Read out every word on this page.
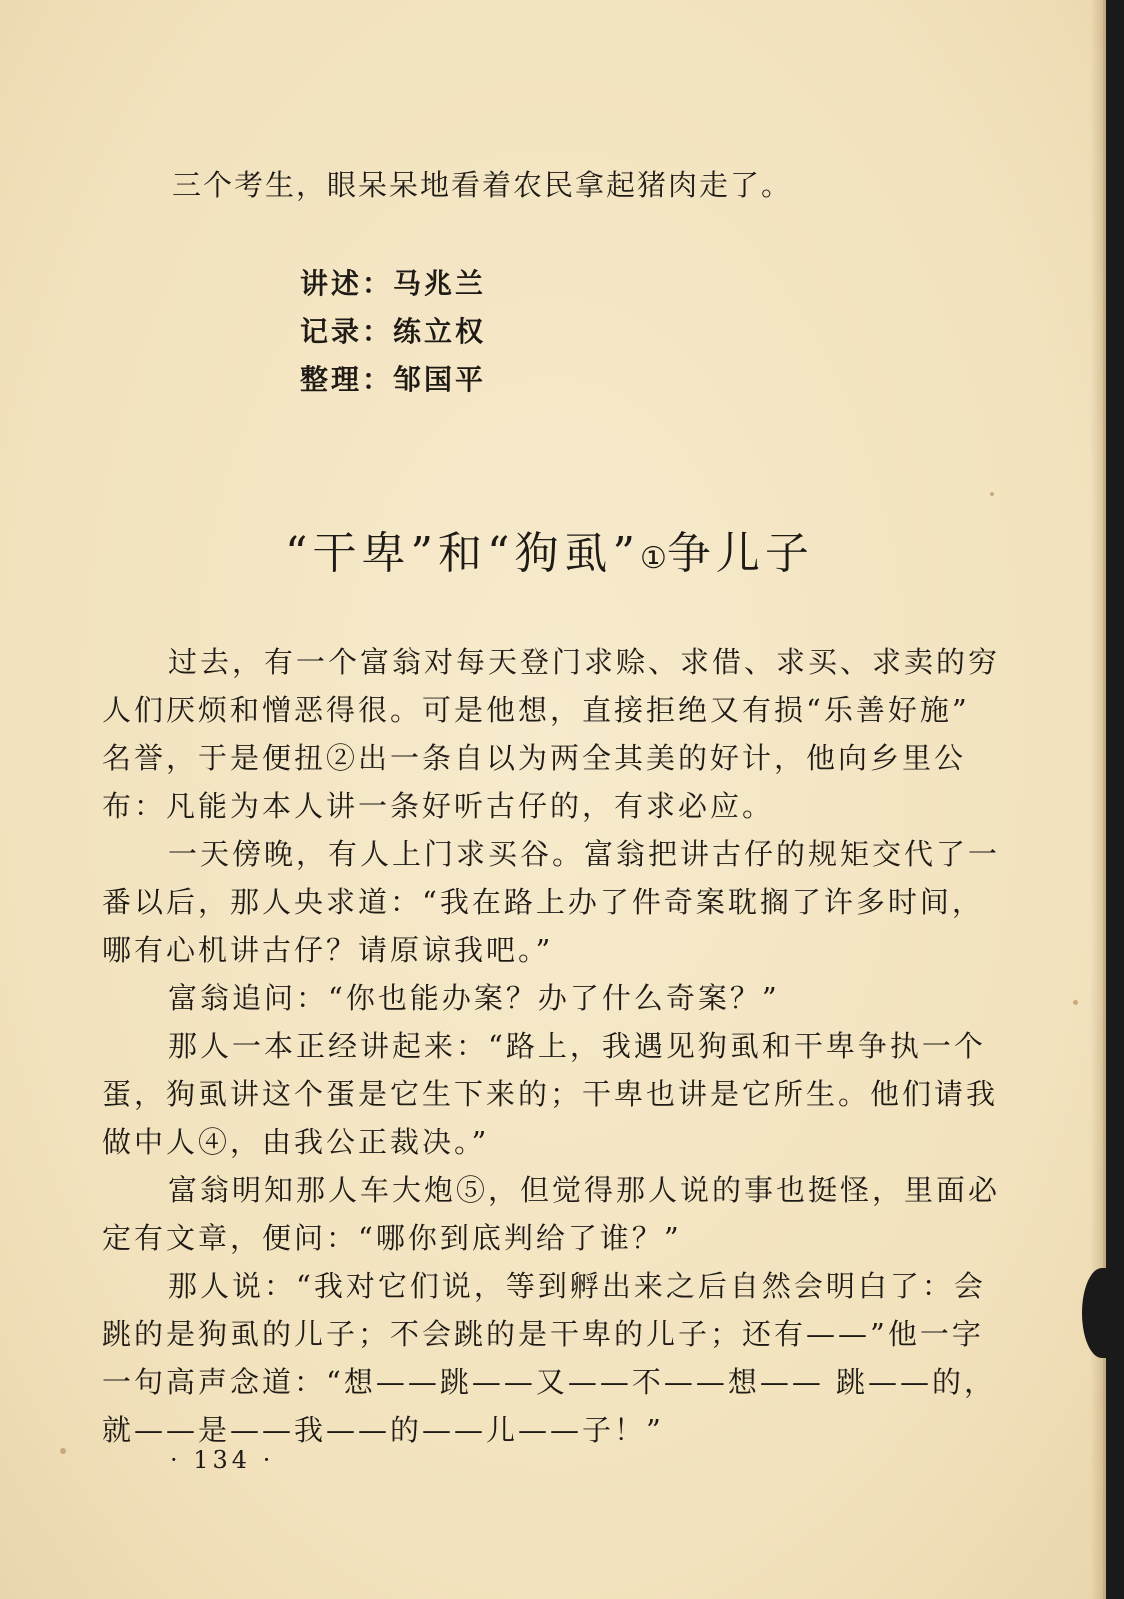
三个考生，眼呆呆地看着农民拿起猪肉走了。
讲述：马兆兰
记录：练立权
整理：邹国平
“干卑”和“狗虱”①争儿子
过去，有一个富翁对每天登门求赊、求借、求买、求卖的穷
人们厌烦和憎恶得很。可是他想，直接拒绝又有损“乐善好施”
名誉，于是便扭②出一条自以为两全其美的好计，他向乡里公
布：凡能为本人讲一条好听古仔的，有求必应。
一天傍晚，有人上门求买谷。富翁把讲古仔的规矩交代了一
番以后，那人央求道：“我在路上办了件奇案耽搁了许多时间，
哪有心机讲古仔？请原谅我吧。”
富翁追问：“你也能办案？办了什么奇案？”
那人一本正经讲起来：“路上，我遇见狗虱和干卑争执一个
蛋，狗虱讲这个蛋是它生下来的；干卑也讲是它所生。他们请我
做中人④，由我公正裁决。”
富翁明知那人车大炮⑤，但觉得那人说的事也挺怪，里面必
定有文章，便问：“哪你到底判给了谁？”
那人说：“我对它们说，等到孵出来之后自然会明白了：会
跳的是狗虱的儿子；不会跳的是干卑的儿子；还有——”他一字
一句高声念道：“想——跳——又——不——想—— 跳——的，
就——是——我——的——儿——子！”
· 134 ·
